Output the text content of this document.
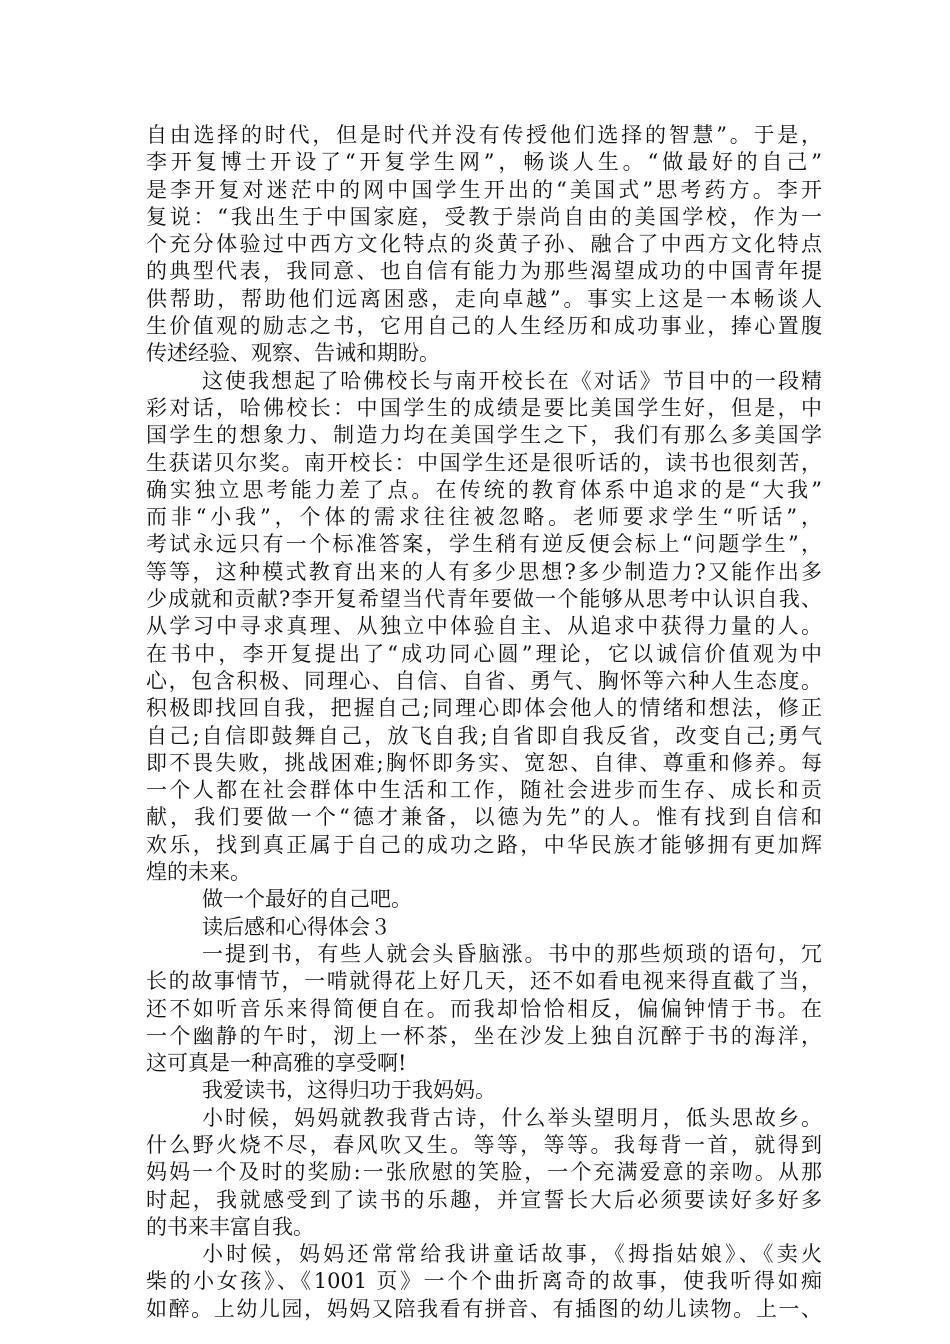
自由选择的时代，但是时代并没有传授他们选择的智慧”。于是，
李开复博士开设了“开复学生网”，畅谈人生。“做最好的自己”
是李开复对迷茫中的网中国学生开出的“美国式”思考药方。李开
复说：“我出生于中国家庭，受教于崇尚自由的美国学校，作为一
个充分体验过中西方文化特点的炎黄子孙、融合了中西方文化特点
的典型代表，我同意、也自信有能力为那些渴望成功的中国青年提
供帮助，帮助他们远离困惑，走向卓越”。事实上这是一本畅谈人
生价值观的励志之书，它用自己的人生经历和成功事业，捧心置腹
传述经验、观察、告诫和期盼。
这使我想起了哈佛校长与南开校长在《对话》节目中的一段精
彩对话，哈佛校长：中国学生的成绩是要比美国学生好，但是，中
国学生的想象力、制造力均在美国学生之下，我们有那么多美国学
生获诺贝尔奖。南开校长：中国学生还是很听话的，读书也很刻苦，
确实独立思考能力差了点。在传统的教育体系中追求的是“大我”
而非“小我”，个体的需求往往被忽略。老师要求学生“听话”，
考试永远只有一个标准答案，学生稍有逆反便会标上“问题学生”，
等等，这种模式教育出来的人有多少思想?多少制造力?又能作出多
少成就和贡献?李开复希望当代青年要做一个能够从思考中认识自我、
从学习中寻求真理、从独立中体验自主、从追求中获得力量的人。
在书中，李开复提出了“成功同心圆”理论，它以诚信价值观为中
心，包含积极、同理心、自信、自省、勇气、胸怀等六种人生态度。
积极即找回自我，把握自己;同理心即体会他人的情绪和想法，修正
自己;自信即鼓舞自己，放飞自我;自省即自我反省，改变自己;勇气
即不畏失败，挑战困难;胸怀即务实、宽恕、自律、尊重和修养。每
一个人都在社会群体中生活和工作，随社会进步而生存、成长和贡
献，我们要做一个“德才兼备，以德为先”的人。惟有找到自信和
欢乐，找到真正属于自己的成功之路，中华民族才能够拥有更加辉
煌的未来。
做一个最好的自己吧。
读后感和心得体会３
一提到书，有些人就会头昏脑涨。书中的那些烦琐的语句，冗
长的故事情节，一啃就得花上好几天，还不如看电视来得直截了当，
还不如听音乐来得简便自在。而我却恰恰相反，偏偏钟情于书。在
一个幽静的午时，沏上一杯茶，坐在沙发上独自沉醉于书的海洋，
这可真是一种高雅的享受啊!
我爱读书，这得归功于我妈妈。
小时候，妈妈就教我背古诗，什么举头望明月，低头思故乡。
什么野火烧不尽，春风吹又生。等等，等等。我每背一首，就得到
妈妈一个及时的奖励:一张欣慰的笑脸，一个充满爱意的亲吻。从那
时起，我就感受到了读书的乐趣，并宣誓长大后必须要读好多好多
的书来丰富自我。
小时候，妈妈还常常给我讲童话故事，《拇指姑娘》、《卖火
柴的小女孩》、《1001 页》一个个曲折离奇的故事，使我听得如痴
如醉。上幼儿园，妈妈又陪我看有拼音、有插图的幼儿读物。上一、
